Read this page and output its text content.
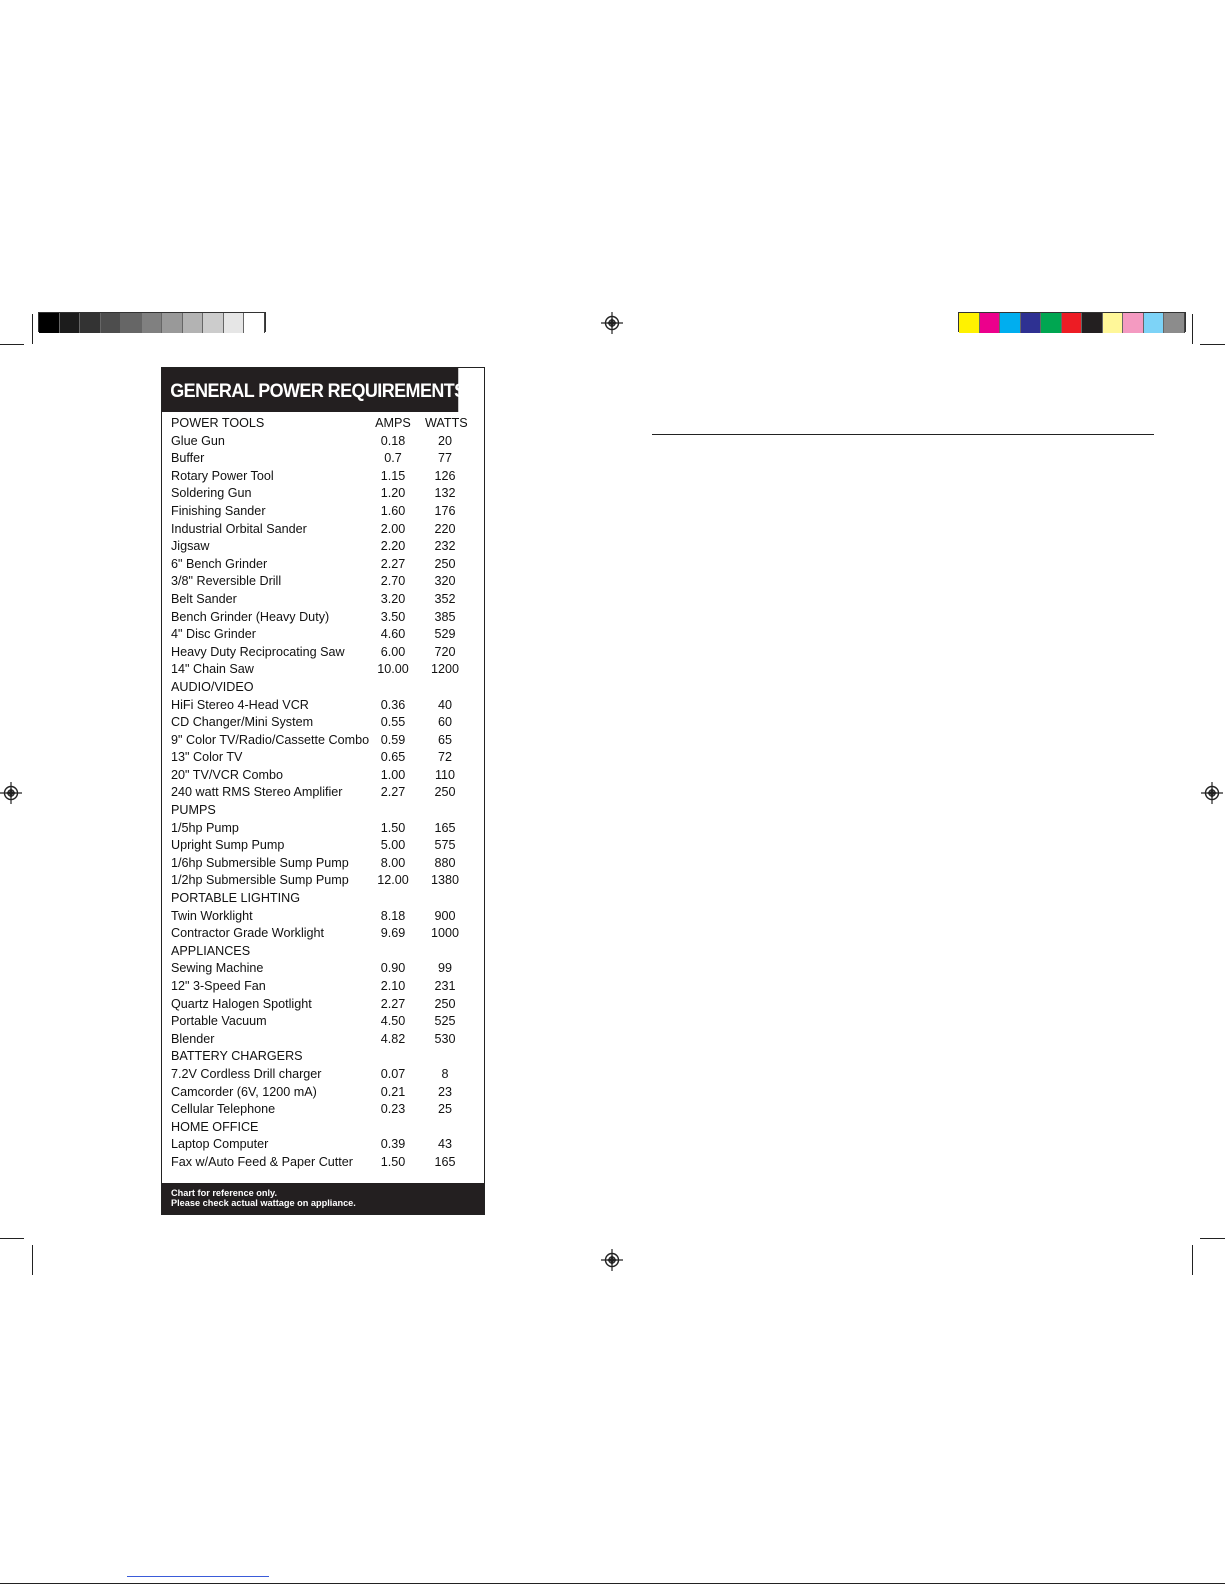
GENERAL POWER REQUIREMENTS
POWER TOOLS	AMPS WATTS
Glue Gun	0.18	20
Buffer	0.7	77
Rotary Power Tool	1.15	126
Soldering Gun	1.20	132
Finishing Sander	1.60	176
Industrial Orbital Sander	2.00	220
Jigsaw	2.20	232
6" Bench Grinder	2.27	250
3/8" Reversible Drill	2.70	320
Belt Sander	3.20	352
Bench Grinder (Heavy Duty)	3.50	385
4" Disc Grinder	4.60	529
Heavy Duty Reciprocating Saw	6.00	720
14" Chain Saw	10.00	1200
AUDIO/VIDEO
HiFi Stereo 4-Head VCR	0.36	40
CD Changer/Mini System	0.55	60
9" Color TV/Radio/Cassette Combo 0.59	65
13" Color TV	0.65	72
20" TV/VCR Combo	1.00	110
240 watt RMS Stereo Amplifier	2.27	250
PUMPS
1/5hp Pump	1.50	165
Upright Sump Pump	5.00	575
1/6hp Submersible Sump Pump	8.00	880
1/2hp Submersible Sump Pump	12.00	1380
PORTABLE LIGHTING
Twin Worklight	8.18	900
Contractor Grade Worklight	9.69	1000
APPLIANCES
Sewing Machine	0.90	99
12" 3-Speed Fan	2.10	231
Quartz Halogen Spotlight	2.27	250
Portable Vacuum	4.50	525
Blender	4.82	530
BATTERY CHARGERS
7.2V Cordless Drill charger	0.07	8
Camcorder (6V, 1200 mA)	0.21	23
Cellular Telephone	0.23	25
HOME OFFICE
Laptop Computer	0.39	43
Fax w/Auto Feed & Paper Cutter	1.50	165
Chart for reference only.
Please check actual wattage on appliance.
